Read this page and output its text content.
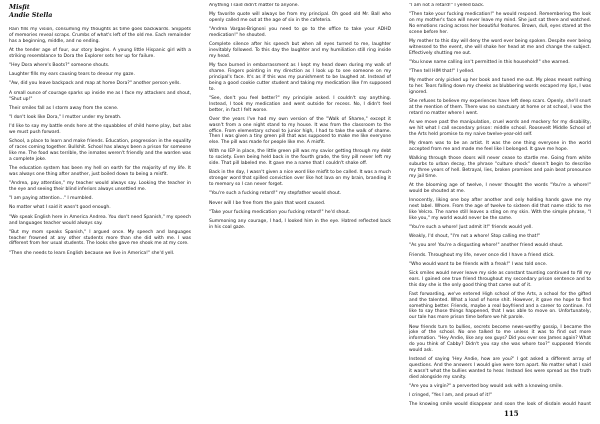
Misfit
Andie Stella

Rain fills my vision, consuming my thoughts as time goes backwards. Snippets of memories reveal scraps. Crumbs of what's left of the old me. Each remainder has a beginning, middle, and no ending.

At the tender age of four, our story begins. A young little Hispanic girl with a striking resemblance to Dora the Explorer sets her up for failure.

"Hey Dora where's Boots?" someone shouts.

Laughter fills my ears causing tears to devour my gaze.

"Aw, did you leave backpack and map at home Dora?" another person yells.

A small ounce of courage sparks up inside me as I face my attackers and shout, "Shut up!"

Their smiles fall as I storm away from the scene.

"I don't look like Dora," I mutter under my breath.

I'd like to say my battle ends here at the squabbles of child home play, but alas we must push forward.

School, a place to learn and make friends. Education, progression in the equality of races coming together. Bullshit. School has always been a prison for someone like me. The food was terrible, the inmates weren't friendly and the warden was a complete joke.

The education system has been my hell on earth for the majority of my life. It was always one thing after another, just boiled down to being a misfit.

"Andrea, pay attention," my teacher would always say. Looking the teacher in the eye and seeing their blind inferiors always unsettled me.

"I am paying attention..." I mumbled.

No matter what I said it wasn't good enough.

"We speak English here in America Andrea. You don't need Spanish," my speech and languages teacher would always say.

"But my mom speaks Spanish," I argued once. My speech and languages teacher frowned at any other students more than she did with me. I was different from her usual students. The looks she gave me shook me at my core.

"Then she needs to learn English because we live in America!" she'd yell.

Anything I said didn't matter to anyone.

My favorite quote will always be from my principal. Oh good old Mr. Ball who openly called me out at the age of six in the cafeteria.

"Andrea Vargas-Brignoni you need to go to the office to take your ADHD medication!" he shouted.

Complete silence after his speech but when all eyes turned to me, laughter inevitably followed. To this day the laughter and my humiliation still ring inside my head.

My face burned in embarrassment as I kept my head down during my walk of shame. Fingers pointing in my direction as I look up to see someone on my principal's face. It's as if this was my punishment to be laughed at. Instead of being a good cookie cutter student and taking my medication like I'm supposed to.

"See, don't you feel better?" my principle asked. I couldn't say anything. Instead, I took my medication and went outside for recess. No, I didn't feel better, in fact I felt worse.

Over the years I've had my own version of the "Walk of Shame," except it wasn't from a one night stand to my house. It was from the classroom to the office. From elementary school to junior high, I had to take the walk of shame. Then I was given a tiny green pill that was supposed to make me like everyone else. The pill was made for people like me. A misfit.

With no IEP in place, the little green pill was my savior getting through my debt to society. Even being held back in the fourth grade, the tiny pill never left my side. That pill labeled me. It gave me a name that I couldn't shake off.

Back in the day, I wasn't given a nice word like misfit to be called. It was a much stronger word that spilled conviction over like hot lava on my brain, branding it to memory so I can never forget.

"You're such a fucking retard!" my stepfather would shout.

Never will I be free from the pain that word caused.

"Take your fucking medication you fucking retard!" he'd shout.

Summoning any courage, I had, I looked him in the eye. Hatred reflected back in his coal gaze.

"I am not a retard!" I yelled back.

"Then take your fucking medication!" he would respond. Remembering the look on my mother's face will never leave my mind. She just sat there and watched. No emotions racing across her beautiful features. Brown, dull, eyes stared at the scene before her.

My mother to this day will deny the word ever being spoken. Despite ever being witnessed to the event, she will shake her head at me and change the subject. Effectively shutting me out.

"You know name calling isn't permitted in this household!" she warned.

"Then tell HIM that!" I yelled.

My mother only picked up her book and tuned me out. My pleas meant nothing to her. Tears falling down my cheeks as blubbering words escaped my lips, I was ignored.

She refuses to believe my experiences have left deep scars. Openly, she'll snort at the mention of them. There was no sanctuary at home or at school, I was the retard no matter where I went.

As we move past the manipulation, cruel words and mockery for my disability, we hit what I call secondary prison: middle school. Roosevelt Middle School of the Arts held promise to my naive twelve-year-old self.

My dream was to be an artist. It was the one thing everyone in the world accepted from me and made me feel like I belonged. It gave me hope.

Walking through those doors will never cease to startle me. Going from white suburbs to urban decay, the phrase "culture shock" doesn't begin to describe my three years of hell. Betrayal, lies, broken promises and pain beat pronounce my jail time.

At the blooming age of twelve, I never thought the words "You're a whore!" would be shouted at me.

Innocently, liking one boy after another and only holding hands gave me my next label. Whore. From the age of twelve to sixteen did that name stick to me like Velcro. The name still leaves a sting on my skin. With the simple phrase, "I like you," my world would never be the same.

"You're such a whore! Just admit it!" friends would yell.

Weakly, I'd shout, "I'm not a whore! Stop calling me that!"

"As you are! You're a disgusting whore!" another friend would shout.

Friends. Throughout my life, never once did I have a friend stick.

"Who would want to be friends with a freak!" I was told once.

Sick smiles would never leave my side as constant taunting continued to fill my ears. I gained one true friend throughout my secondary prison sentence and to this day she is the only good thing that came out of it.

Fast forwarding, we've entered High school of the Arts, a school for the gifted and the talented. What a load of horse shit. However, it gave me hope to find something better. Friends, maybe a real boyfriend and a career to continue. I'd like to say those things happened, that I was able to move on. Unfortunately, our tale has more prison time before we hit parole.

New friends turn to bullies, secrets become news-worthy gossip, I became the joke of the school. No one talked to me unless it was to find out more information. "Hey Andie, like any sex guys? Did you ever sex James again? What do you think of Cabby? Didn't you say she was whore too?" supposed friends would ask.

Instead of saying 'Hey Andie, how are you?' I got asked a different array of questions. And the answers I would give were torn apart. No matter what I said it wasn't what the bullies wanted to hear. Instead lies were spread as the truth died alongside my sanity.

"Are you a virgin?" a perverted boy would ask with a knowing smile.

I cringed, "Yes I am, and proud of it!"

The knowing smile would disappear and soon the look of disdain would haunt

115
